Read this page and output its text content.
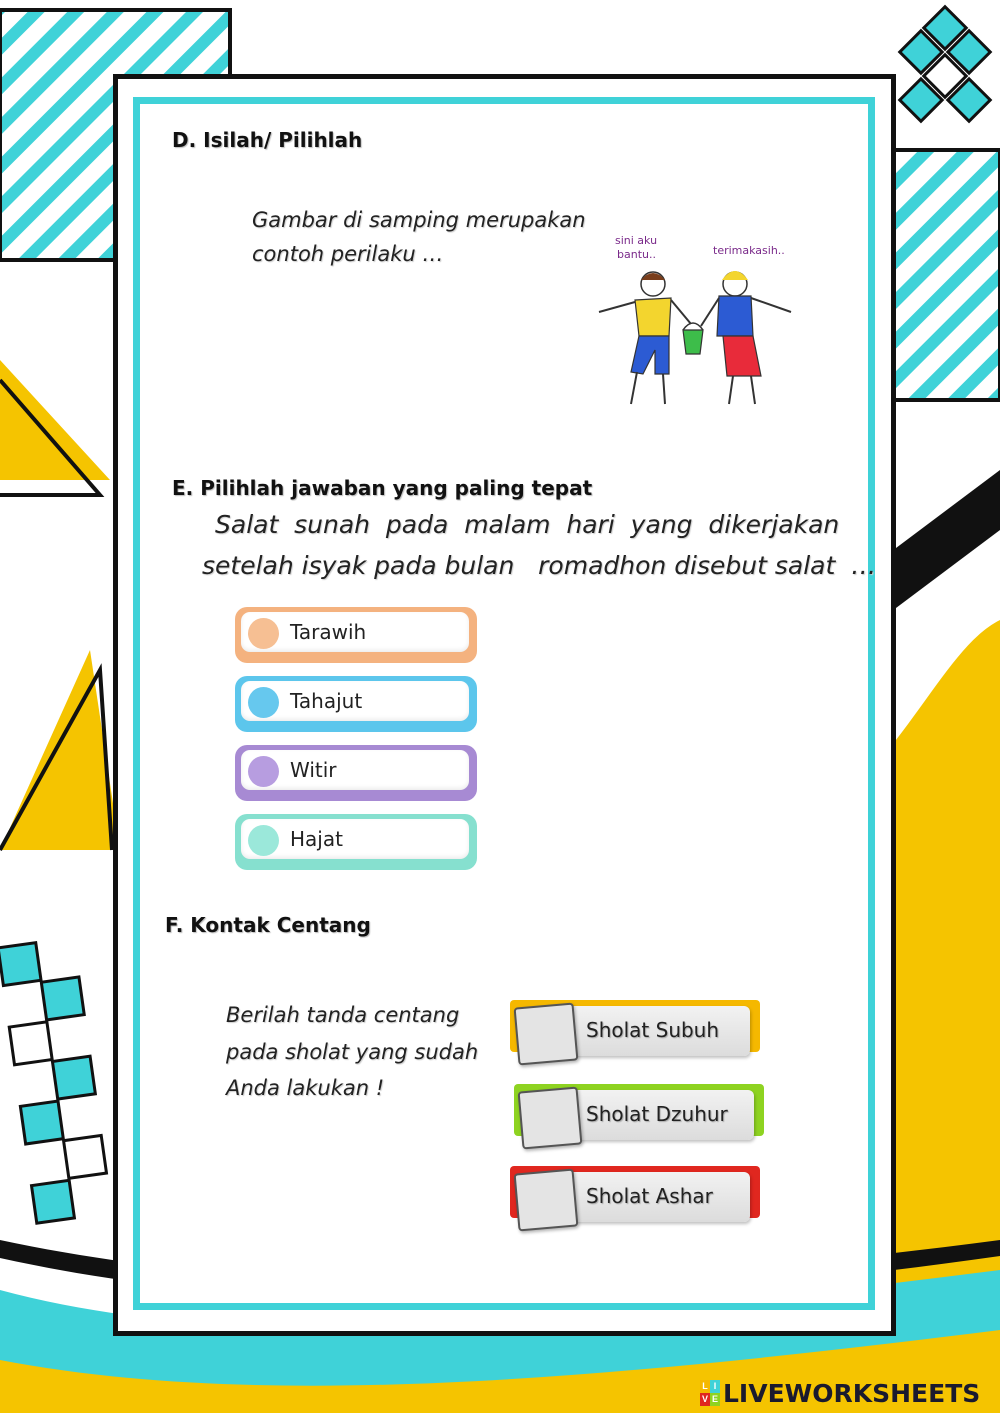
D. Isilah/ Pilihlah
Gambar di samping merupakan
contoh perilaku …
sini aku
bantu..	terimakasih..
E. Pilihlah jawaban yang paling tepat
Salat  sunah  pada  malam  hari  yang  dikerjakan
setelah isyak pada bulan   romadhon disebut salat  …
Tarawih
Tahajut
Witir
Hajat
F. Kontak Centang
Berilah tanda centang
pada sholat yang sudah
Anda lakukan !
Sholat Subuh
Sholat Dzuhur
Sholat Ashar
L I
V E LIVEWORKSHEETS
